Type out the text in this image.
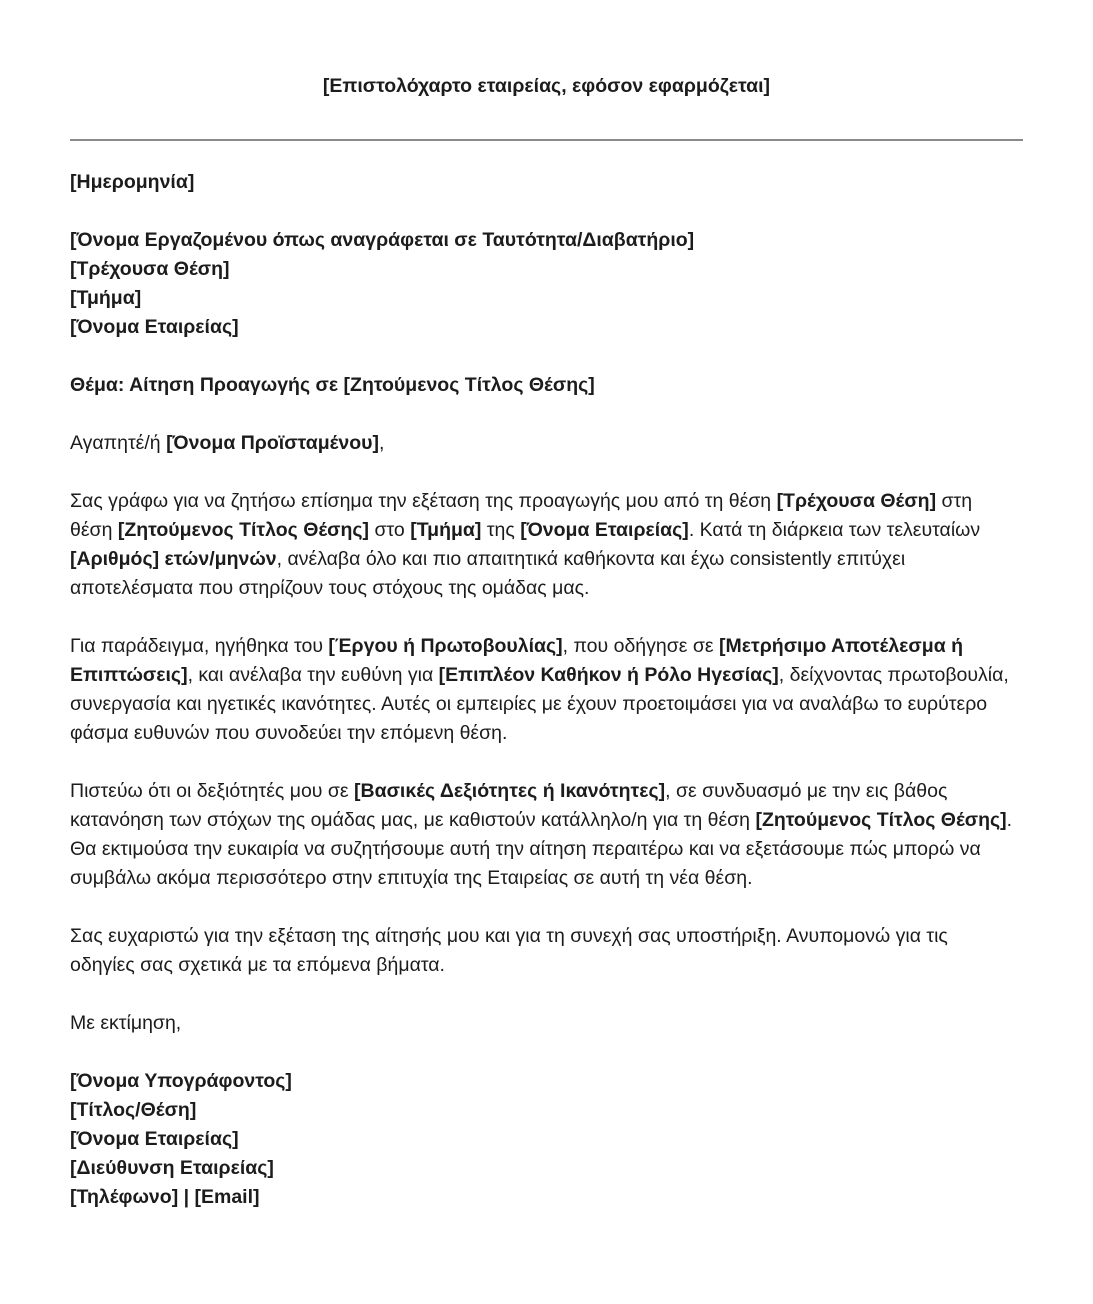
[Επιστολόχαρτο εταιρείας, εφόσον εφαρμόζεται]

[Ημερομηνία]

[Όνομα Εργαζομένου όπως αναγράφεται σε Ταυτότητα/Διαβατήριο]

[Τρέχουσα Θέση]

[Τμήμα]

[Όνομα Εταιρείας]

Θέμα: Αίτηση Προαγωγής σε [Ζητούμενος Τίτλος Θέσης]

Αγαπητέ/ή [Όνομα Προϊσταμένου],

Σας γράφω για να ζητήσω επίσημα την εξέταση της προαγωγής μου από τη θέση [Τρέχουσα Θέση] στη θέση [Ζητούμενος Τίτλος Θέσης] στο [Τμήμα] της [Όνομα Εταιρείας]. Κατά τη διάρκεια των τελευταίων [Αριθμός] ετών/μηνών, ανέλαβα όλο και πιο απαιτητικά καθήκοντα και έχω consistently επιτύχει αποτελέσματα που στηρίζουν τους στόχους της ομάδας μας.

Για παράδειγμα, ηγήθηκα του [Έργου ή Πρωτοβουλίας], που οδήγησε σε [Μετρήσιμο Αποτέλεσμα ή Επιπτώσεις], και ανέλαβα την ευθύνη για [Επιπλέον Καθήκον ή Ρόλο Ηγεσίας], δείχνοντας πρωτοβουλία, συνεργασία και ηγετικές ικανότητες. Αυτές οι εμπειρίες με έχουν προετοιμάσει για να αναλάβω το ευρύτερο φάσμα ευθυνών που συνοδεύει την επόμενη θέση.

Πιστεύω ότι οι δεξιότητές μου σε [Βασικές Δεξιότητες ή Ικανότητες], σε συνδυασμό με την εις βάθος κατανόηση των στόχων της ομάδας μας, με καθιστούν κατάλληλο/η για τη θέση [Ζητούμενος Τίτλος Θέσης]. Θα εκτιμούσα την ευκαιρία να συζητήσουμε αυτή την αίτηση περαιτέρω και να εξετάσουμε πώς μπορώ να συμβάλω ακόμα περισσότερο στην επιτυχία της Εταιρείας σε αυτή τη νέα θέση.

Σας ευχαριστώ για την εξέταση της αίτησής μου και για τη συνεχή σας υποστήριξη. Ανυπομονώ για τις οδηγίες σας σχετικά με τα επόμενα βήματα.

Με εκτίμηση,

[Όνομα Υπογράφοντος]

[Τίτλος/Θέση]

[Όνομα Εταιρείας]

[Διεύθυνση Εταιρείας]

[Τηλέφωνο] | [Email]
